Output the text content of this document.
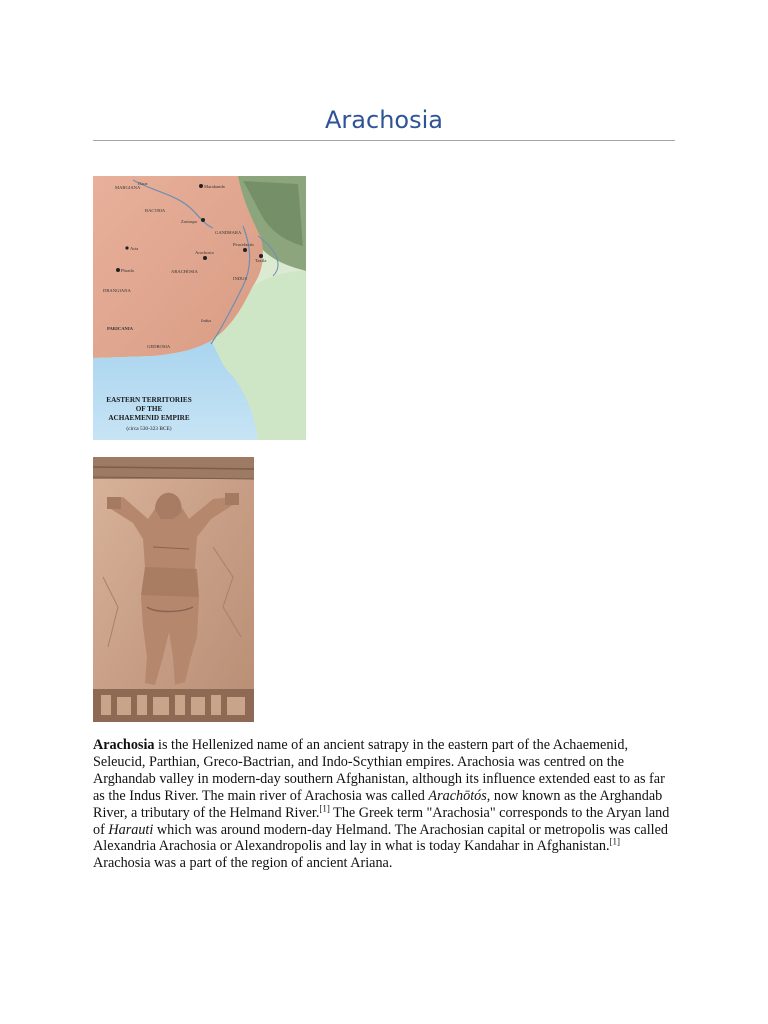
Arachosia
MARGIANA
Oxus
Marakanda
BACTRIA
Zariaspa
GANDHARA
Aria
Arachosia
Peucelaotis
Taxila
ARACHOSIA
INDUS
Phrada
DRANGIANA
Indus
PARICANIA
GEDROSIA
EASTERN TERRITORIES
OF THE
ACHAEMENID EMPIRE
(circa 530-323 BCE)

Arachosia is the Hellenized name of an ancient satrapy in the eastern part of the Achaemenid, Seleucid, Parthian, Greco-Bactrian, and Indo-Scythian empires. Arachosia was centred on the Arghandab valley in modern-day southern Afghanistan, although its influence extended east to as far as the Indus River. The main river of Arachosia was called Arachōtós, now known as the Arghandab River, a tributary of the Helmand River.[1] The Greek term "Arachosia" corresponds to the Aryan land of Harauti which was around modern-day Helmand. The Arachosian capital or metropolis was called Alexandria Arachosia or Alexandropolis and lay in what is today Kandahar in Afghanistan.[1] Arachosia was a part of the region of ancient Ariana.
